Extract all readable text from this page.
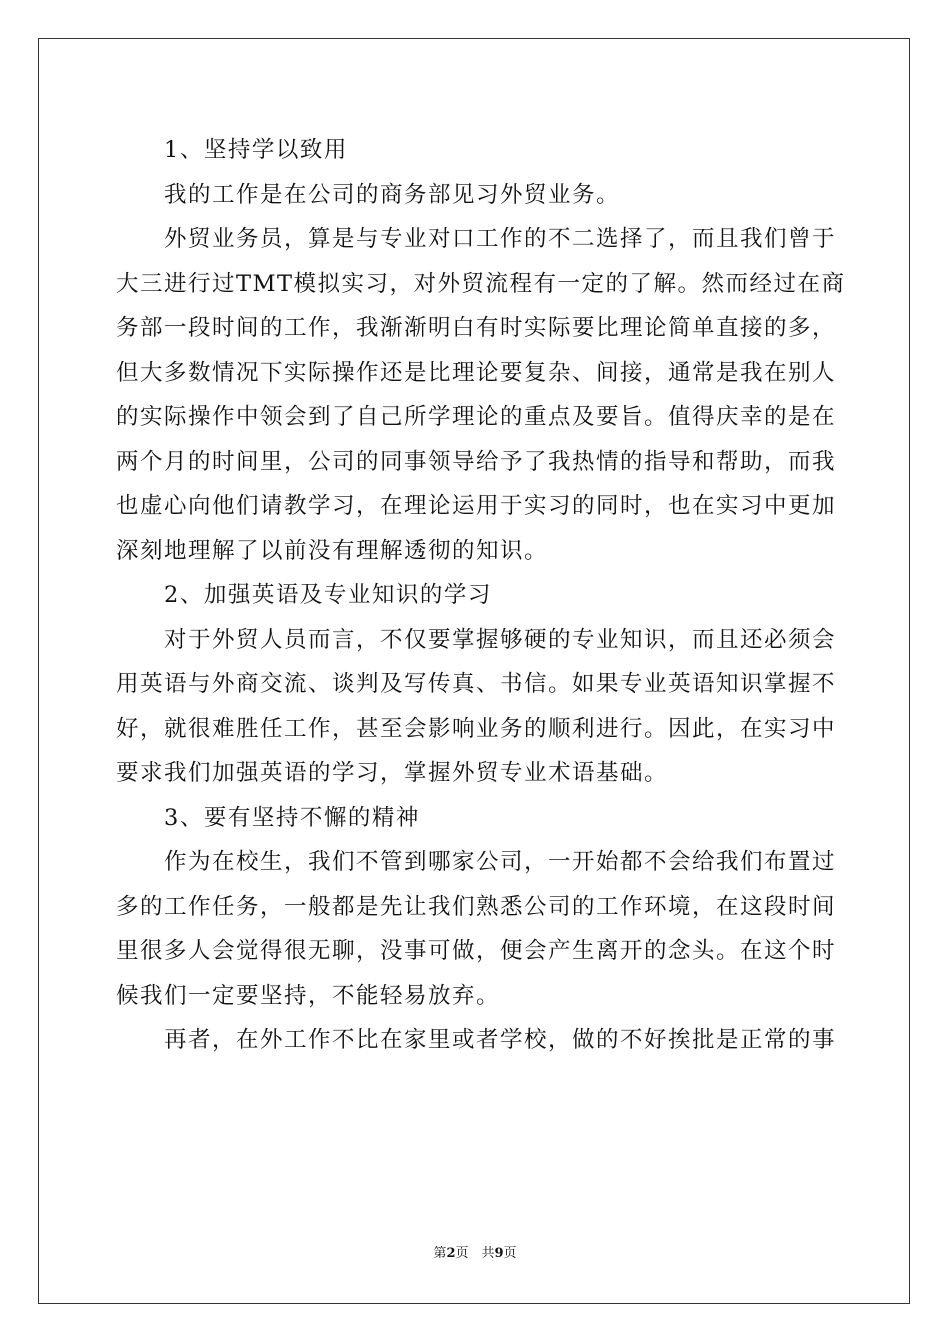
1、坚持学以致用
我的工作是在公司的商务部见习外贸业务。
外贸业务员，算是与专业对口工作的不二选择了，而且我们曾于
大三进行过TMT模拟实习，对外贸流程有一定的了解。然而经过在商
务部一段时间的工作，我渐渐明白有时实际要比理论简单直接的多，
但大多数情况下实际操作还是比理论要复杂、间接，通常是我在别人
的实际操作中领会到了自己所学理论的重点及要旨。值得庆幸的是在
两个月的时间里，公司的同事领导给予了我热情的指导和帮助，而我
也虚心向他们请教学习，在理论运用于实习的同时，也在实习中更加
深刻地理解了以前没有理解透彻的知识。
2、加强英语及专业知识的学习
对于外贸人员而言，不仅要掌握够硬的专业知识，而且还必须会
用英语与外商交流、谈判及写传真、书信。如果专业英语知识掌握不
好，就很难胜任工作，甚至会影响业务的顺利进行。因此，在实习中
要求我们加强英语的学习，掌握外贸专业术语基础。
3、要有坚持不懈的精神
作为在校生，我们不管到哪家公司，一开始都不会给我们布置过
多的工作任务，一般都是先让我们熟悉公司的工作环境，在这段时间
里很多人会觉得很无聊，没事可做，便会产生离开的念头。在这个时
候我们一定要坚持，不能轻易放弃。
再者，在外工作不比在家里或者学校，做的不好挨批是正常的事
第2页　共9页
